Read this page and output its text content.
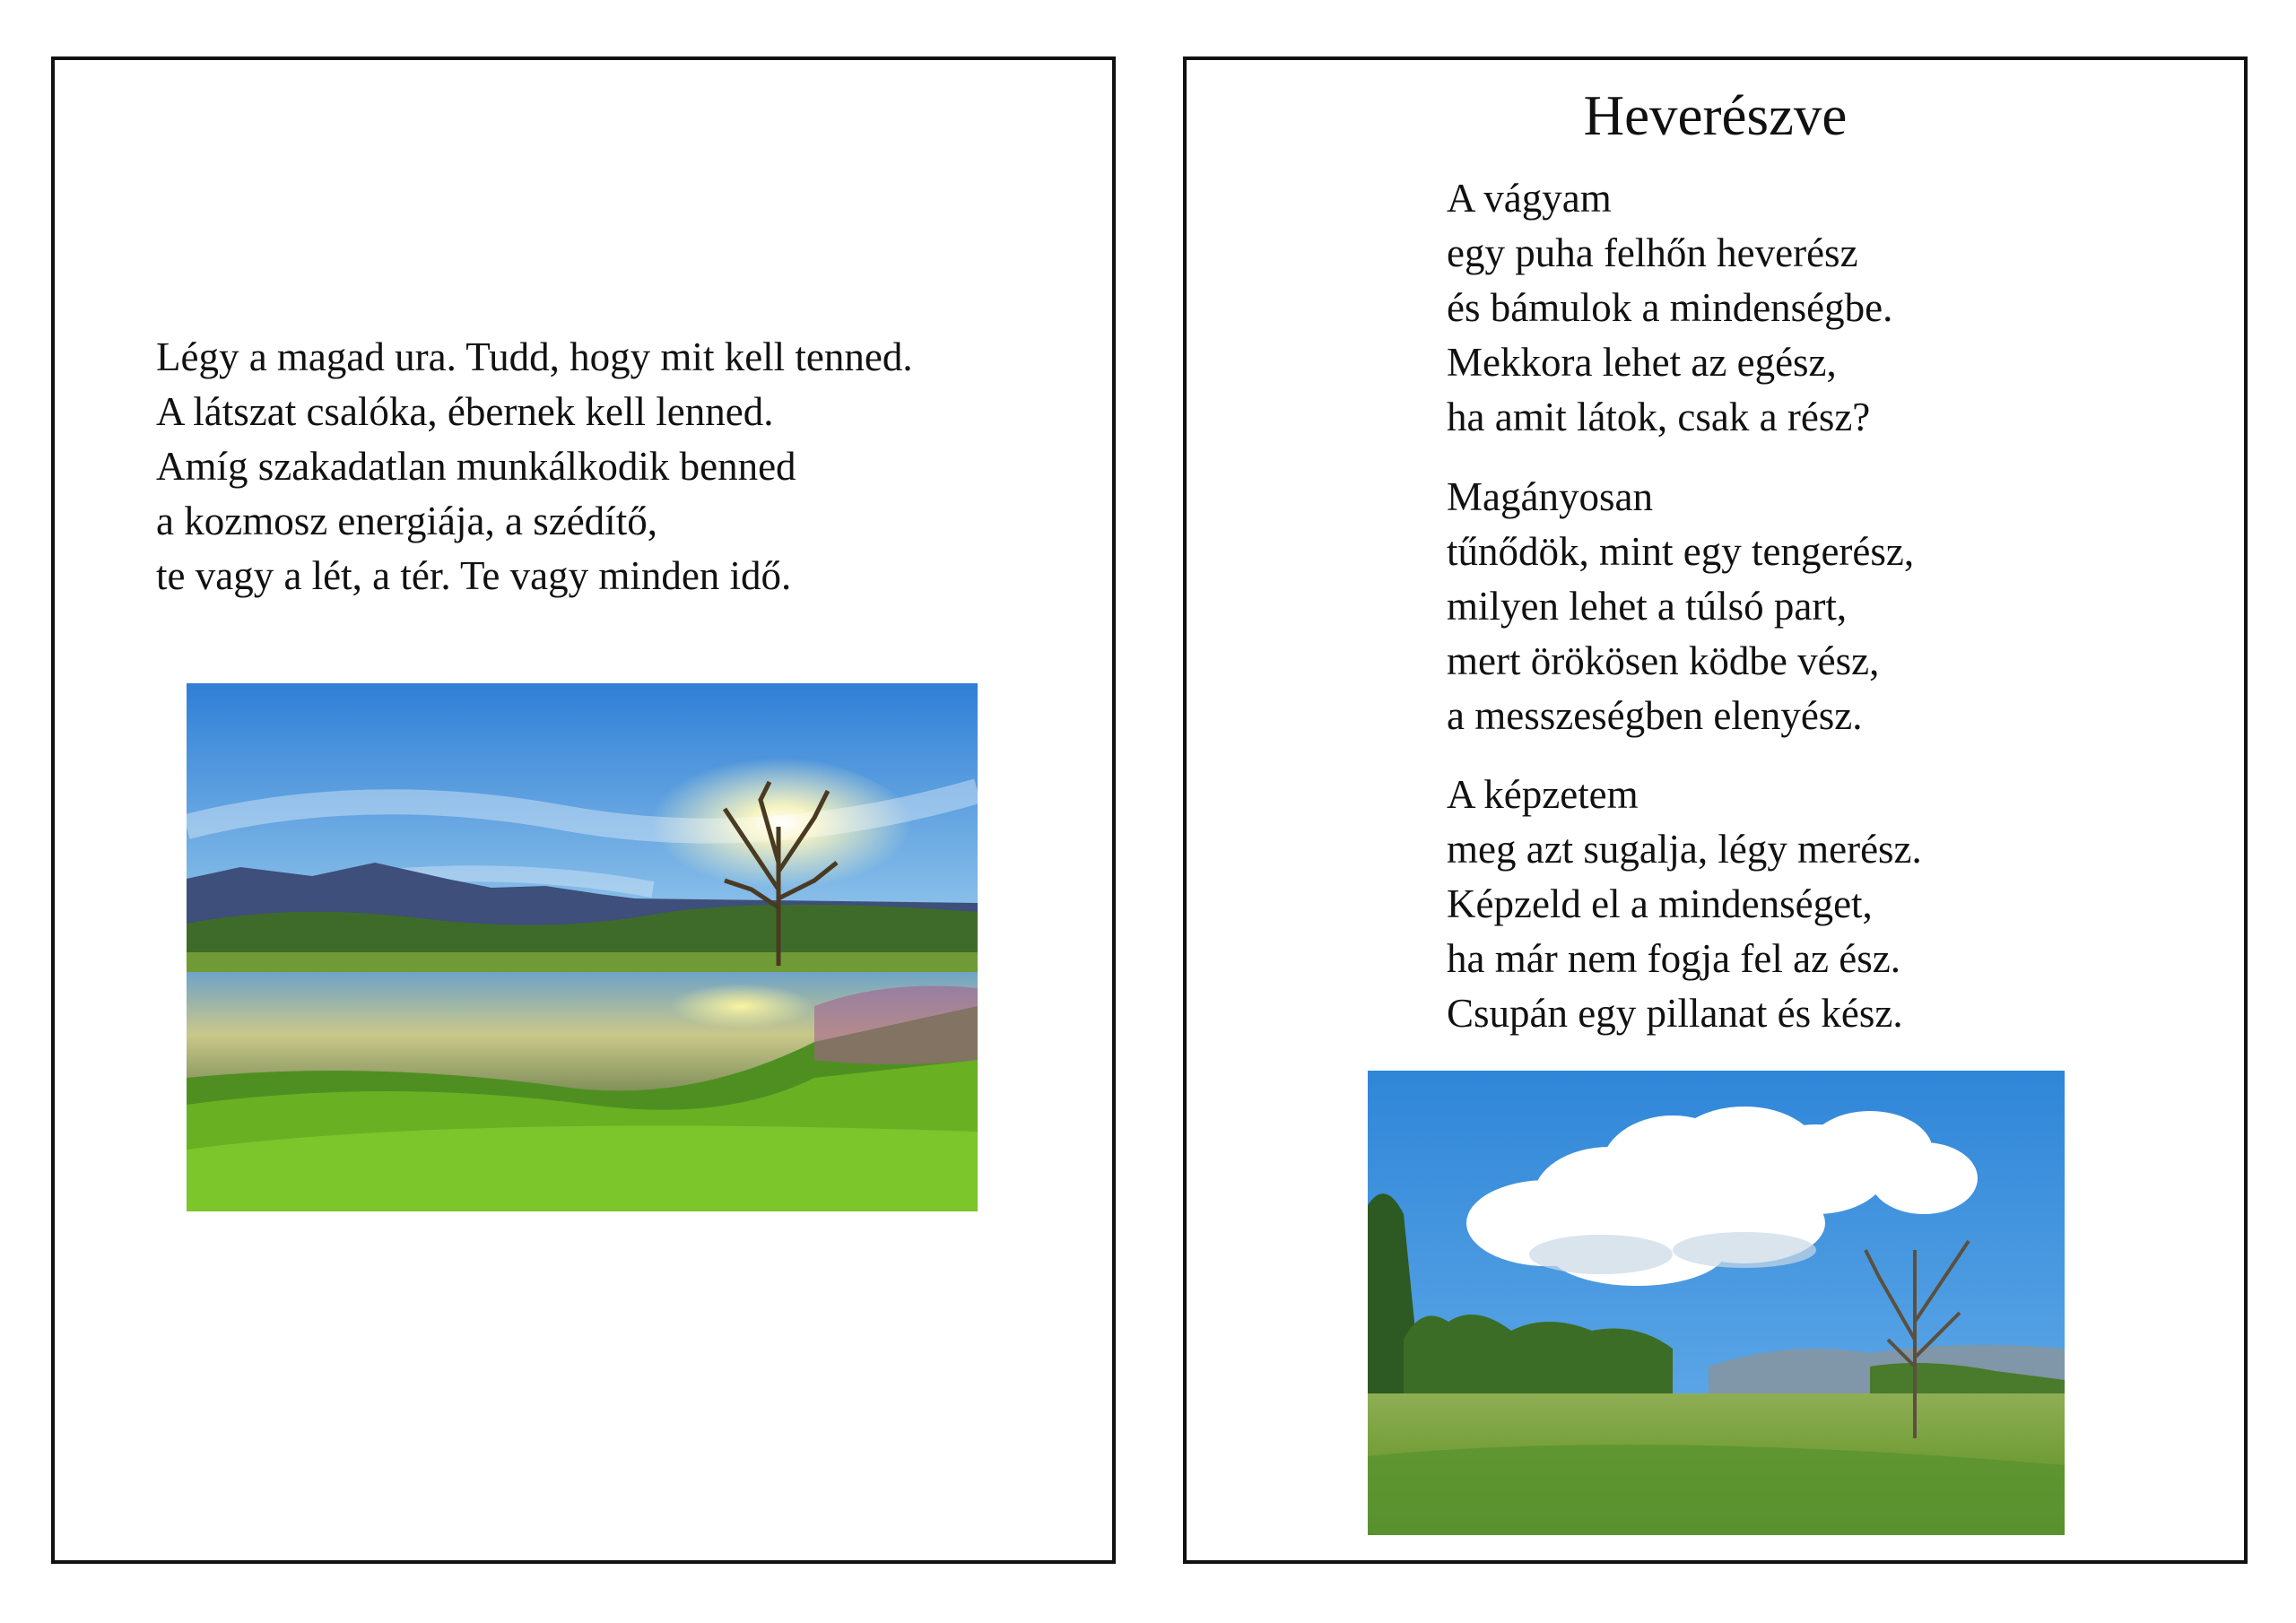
Légy a magad ura. Tudd, hogy mit kell tenned.
A látszat csalóka, ébernek kell lenned.
Amíg szakadatlan munkálkodik benned
a kozmosz energiája, a szédítő,
te vagy a lét, a tér. Te vagy minden idő.
Heverészve
A vágyam
egy puha felhőn heverész
és bámulok a mindenségbe.
Mekkora lehet az egész,
ha amit látok, csak a rész?
Magányosan
tűnődök, mint egy tengerész,
milyen lehet a túlsó part,
mert örökösen ködbe vész,
a messzeségben elenyész.
A képzetem
meg azt sugalja, légy merész.
Képzeld el a mindenséget,
ha már nem fogja fel az ész.
Csupán egy pillanat és kész.
